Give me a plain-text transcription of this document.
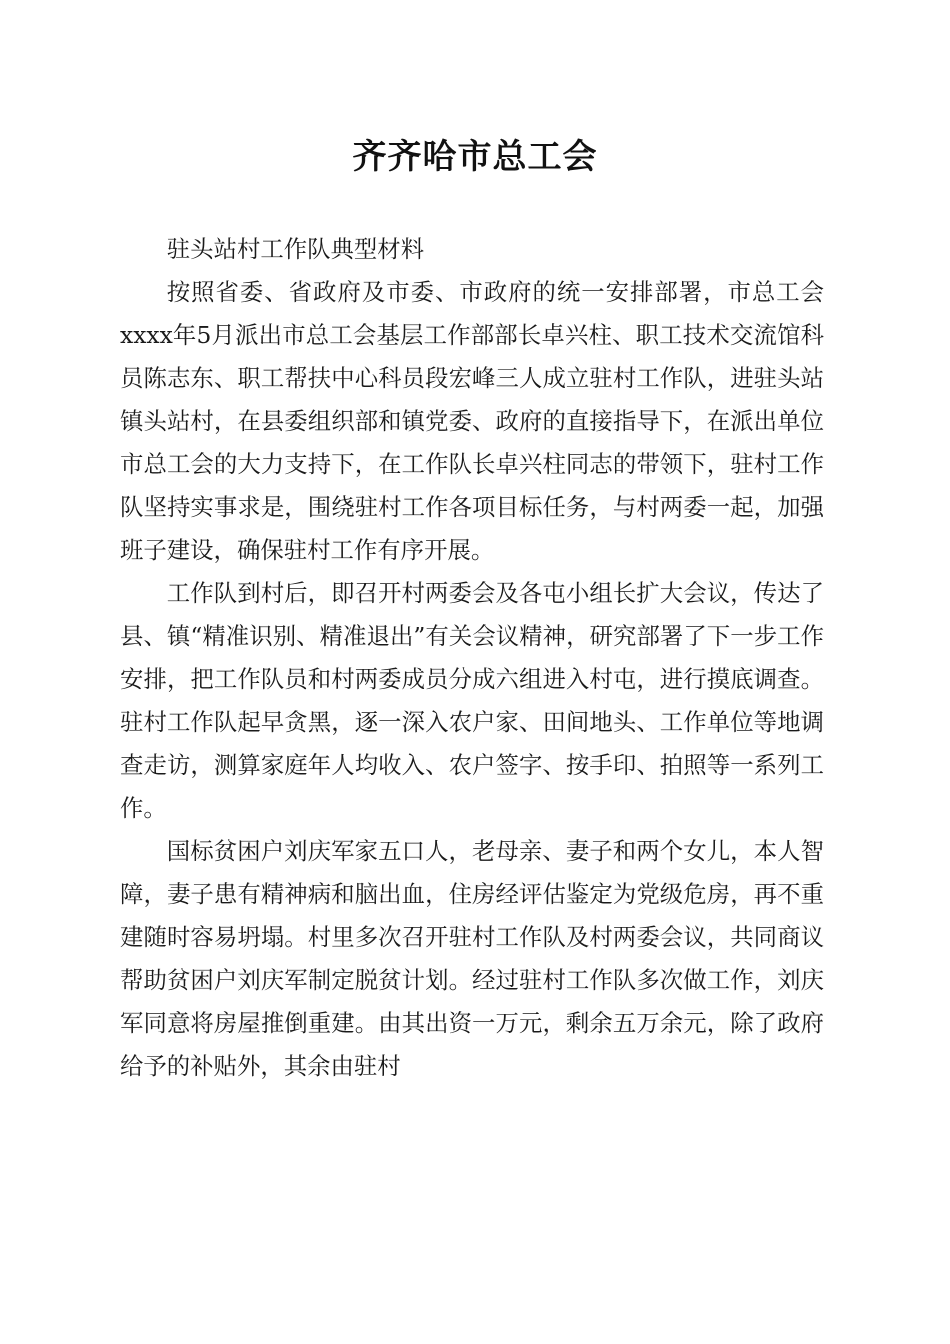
齐齐哈市总工会

驻头站村工作队典型材料

按照省委、省政府及市委、市政府的统一安排部署，市总工会xxxx年5月派出市总工会基层工作部部长卓兴柱、职工技术交流馆科员陈志东、职工帮扶中心科员段宏峰三人成立驻村工作队，进驻头站镇头站村，在县委组织部和镇党委、政府的直接指导下，在派出单位市总工会的大力支持下，在工作队长卓兴柱同志的带领下，驻村工作队坚持实事求是，围绕驻村工作各项目标任务，与村两委一起，加强班子建设，确保驻村工作有序开展。

工作队到村后，即召开村两委会及各屯小组长扩大会议，传达了县、镇“精准识别、精准退出”有关会议精神，研究部署了下一步工作安排，把工作队员和村两委成员分成六组进入村屯，进行摸底调查。驻村工作队起早贪黑，逐一深入农户家、田间地头、工作单位等地调查走访，测算家庭年人均收入、农户签字、按手印、拍照等一系列工作。

国标贫困户刘庆军家五口人，老母亲、妻子和两个女儿，本人智障，妻子患有精神病和脑出血，住房经评估鉴定为党级危房，再不重建随时容易坍塌。村里多次召开驻村工作队及村两委会议，共同商议帮助贫困户刘庆军制定脱贫计划。经过驻村工作队多次做工作，刘庆军同意将房屋推倒重建。由其出资一万元，剩余五万余元，除了政府给予的补贴外，其余由驻村
